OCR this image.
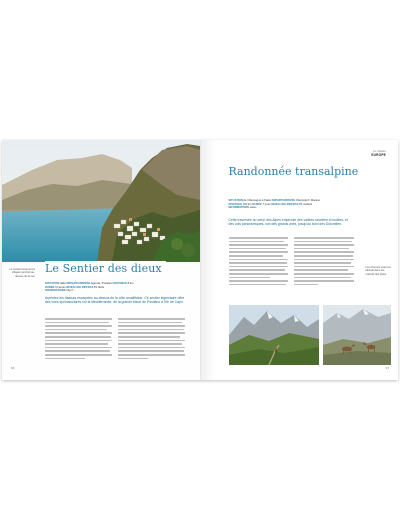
Le sentier traverse les villages perchés au-dessus de la mer
Le Sentier des dieux
SITUATION Italie DÉPART/ARRIVÉE Agerola / Positano DISTANCE 8 km
DURÉE 3 heures NIVEAU DE DIFFICULTÉ facile
INFORMATIONS http://...
Arpentez les falaises escarpées au-dessus de la côte amalfitaine. Ce sentier légendaire offre des vues spectaculaires sur la Méditerranée, de la grande bleue de Positano à l'île de Capri.
96
Le chapitre
EUROPE
Randonnée transalpine
SITUATION de l'Allemagne à l'Italie DÉPART/ARRIVÉE Oberstdorf / Merano
DISTANCE 160 km DURÉE 7 jours NIVEAU DE DIFFICULTÉ modéré
INFORMATIONS www...
Cette traversée au cœur des Alpes emprunte des vallées secrètes et isolées, et des cols panoramiques, loin des grands axes, jusqu'au bord des Dolomites.
Les chamois vivent en altitude dans les massifs des Alpes
97
